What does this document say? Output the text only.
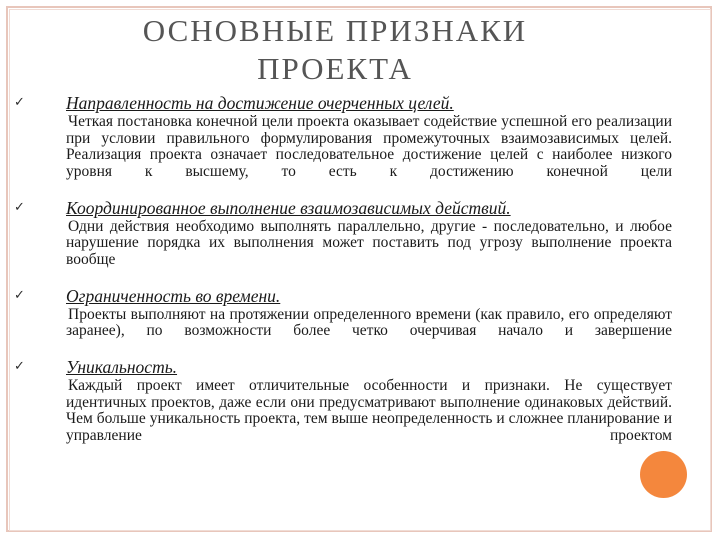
ОСНОВНЫЕ ПРИЗНАКИ
ПРОЕКТА
✓ Направленность на достижение очерченных целей.
Четкая постановка конечной цели проекта оказывает содействие успешной его реализации при условии правильного формулирования промежуточных взаимозависимых целей. Реализация проекта означает последовательное достижение целей с наиболее низкого уровня к высшему, то есть к достижению конечной цели
✓ Координированное выполнение взаимозависимых действий.
Одни действия необходимо выполнять параллельно, другие - последовательно, и любое нарушение порядка их выполнения может поставить под угрозу выполнение проекта вообще
✓ Ограниченность во времени.
Проекты выполняют на протяжении определенного времени (как правило, его определяют заранее), по возможности более четко очерчивая начало и завершение
✓ Уникальность.
Каждый проект имеет отличительные особенности и признаки. Не существует идентичных проектов, даже если они предусматривают выполнение одинаковых действий. Чем больше уникальность проекта, тем выше неопределенность и сложнее планирование и управление проектом
